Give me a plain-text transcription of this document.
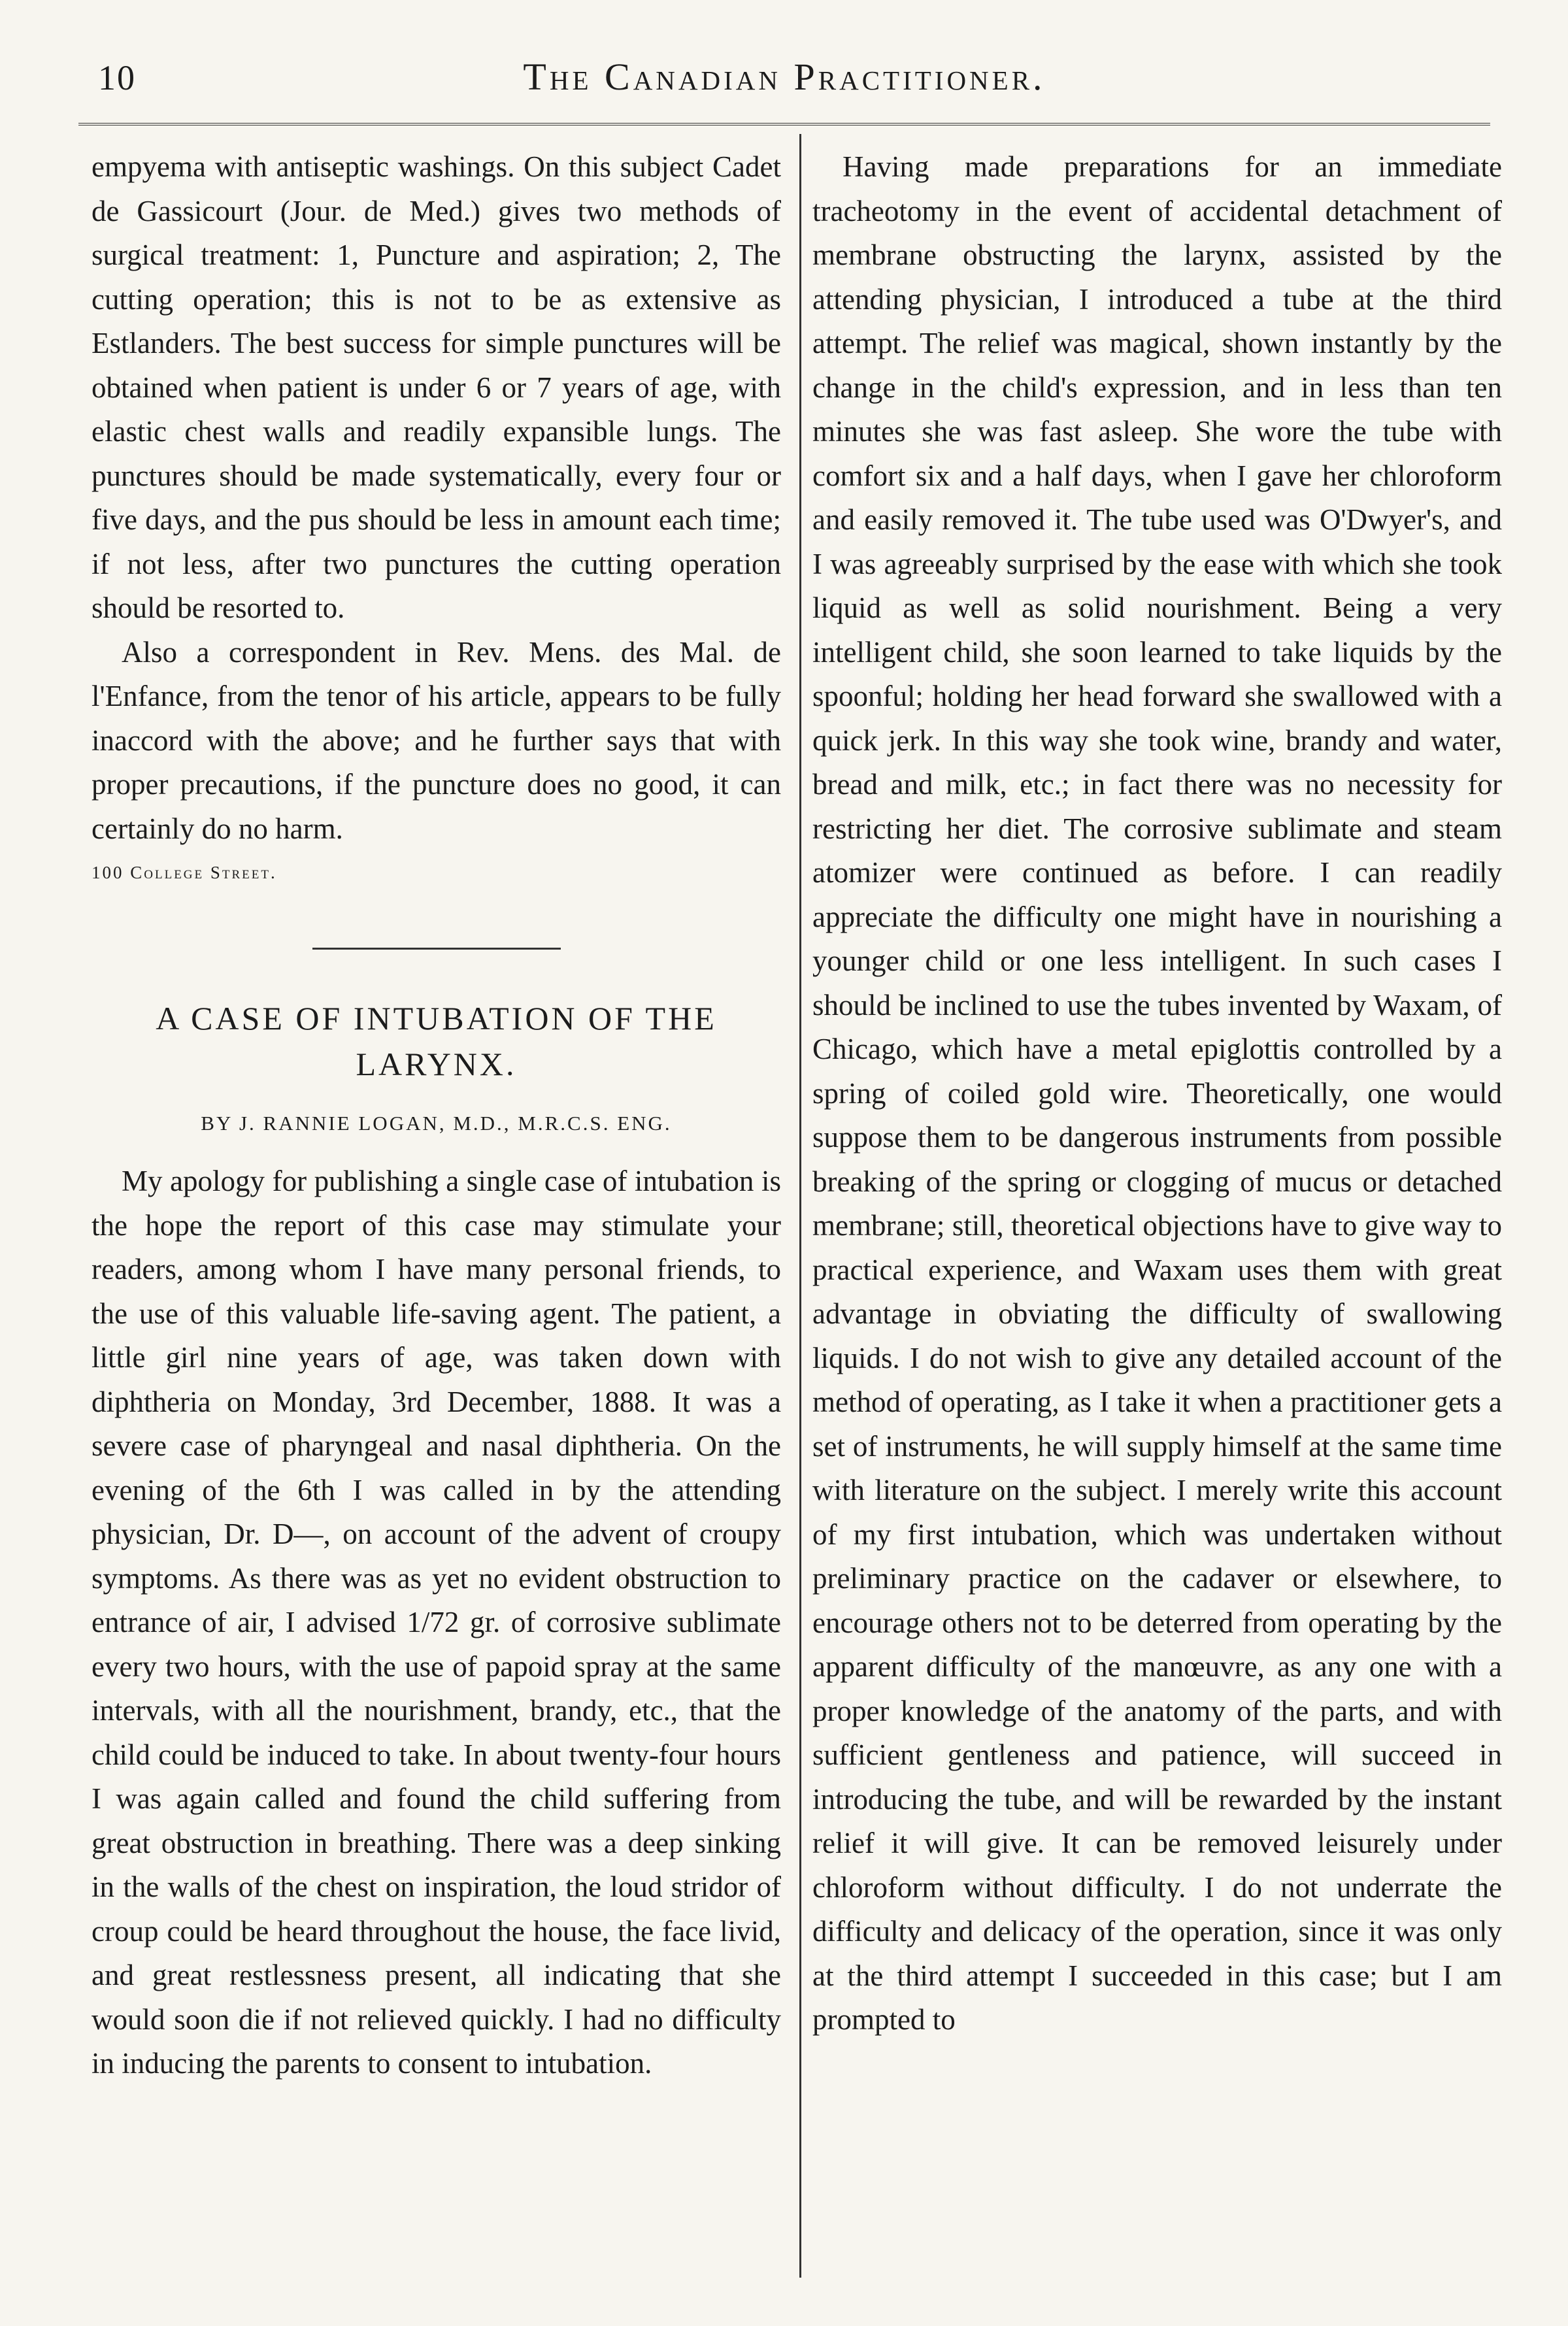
10	The Canadian Practitioner.

empyema with antiseptic washings. On this subject Cadet de Gassicourt (Jour. de Med.) gives two methods of surgical treatment: 1, Puncture and aspiration; 2, The cutting operation; this is not to be as extensive as Estlanders. The best success for simple punctures will be obtained when patient is under 6 or 7 years of age, with elastic chest walls and readily expansible lungs. The punctures should be made systematically, every four or five days, and the pus should be less in amount each time; if not less, after two punctures the cutting operation should be resorted to.

Also a correspondent in Rev. Mens. des Mal. de l'Enfance, from the tenor of his article, appears to be fully inaccord with the above; and he further says that with proper precautions, if the puncture does no good, it can certainly do no harm.

100 College Street.

A CASE OF INTUBATION OF THE LARYNX.
BY J. RANNIE LOGAN, M.D., M.R.C.S. ENG.

My apology for publishing a single case of intubation is the hope the report of this case may stimulate your readers, among whom I have many personal friends, to the use of this valuable life-saving agent. The patient, a little girl nine years of age, was taken down with diphtheria on Monday, 3rd December, 1888. It was a severe case of pharyngeal and nasal diphtheria. On the evening of the 6th I was called in by the attending physician, Dr. D—, on account of the advent of croupy symptoms. As there was as yet no evident obstruction to entrance of air, I advised 1/72 gr. of corrosive sublimate every two hours, with the use of papoid spray at the same intervals, with all the nourishment, brandy, etc., that the child could be induced to take. In about twenty-four hours I was again called and found the child suffering from great obstruction in breathing. There was a deep sinking in the walls of the chest on inspiration, the loud stridor of croup could be heard throughout the house, the face livid, and great restlessness present, all indicating that she would soon die if not relieved quickly. I had no difficulty in inducing the parents to consent to intubation.

Having made preparations for an immediate tracheotomy in the event of accidental detachment of membrane obstructing the larynx, assisted by the attending physician, I introduced a tube at the third attempt. The relief was magical, shown instantly by the change in the child's expression, and in less than ten minutes she was fast asleep. She wore the tube with comfort six and a half days, when I gave her chloroform and easily removed it. The tube used was O'Dwyer's, and I was agreeably surprised by the ease with which she took liquid as well as solid nourishment. Being a very intelligent child, she soon learned to take liquids by the spoonful; holding her head forward she swallowed with a quick jerk. In this way she took wine, brandy and water, bread and milk, etc.; in fact there was no necessity for restricting her diet. The corrosive sublimate and steam atomizer were continued as before. I can readily appreciate the difficulty one might have in nourishing a younger child or one less intelligent. In such cases I should be inclined to use the tubes invented by Waxam, of Chicago, which have a metal epiglottis controlled by a spring of coiled gold wire. Theoretically, one would suppose them to be dangerous instruments from possible breaking of the spring or clogging of mucus or detached membrane; still, theoretical objections have to give way to practical experience, and Waxam uses them with great advantage in obviating the difficulty of swallowing liquids. I do not wish to give any detailed account of the method of operating, as I take it when a practitioner gets a set of instruments, he will supply himself at the same time with literature on the subject. I merely write this account of my first intubation, which was undertaken without preliminary practice on the cadaver or elsewhere, to encourage others not to be deterred from operating by the apparent difficulty of the manœuvre, as any one with a proper knowledge of the anatomy of the parts, and with sufficient gentleness and patience, will succeed in introducing the tube, and will be rewarded by the instant relief it will give. It can be removed leisurely under chloroform without difficulty. I do not underrate the difficulty and delicacy of the operation, since it was only at the third attempt I succeeded in this case; but I am prompted to
